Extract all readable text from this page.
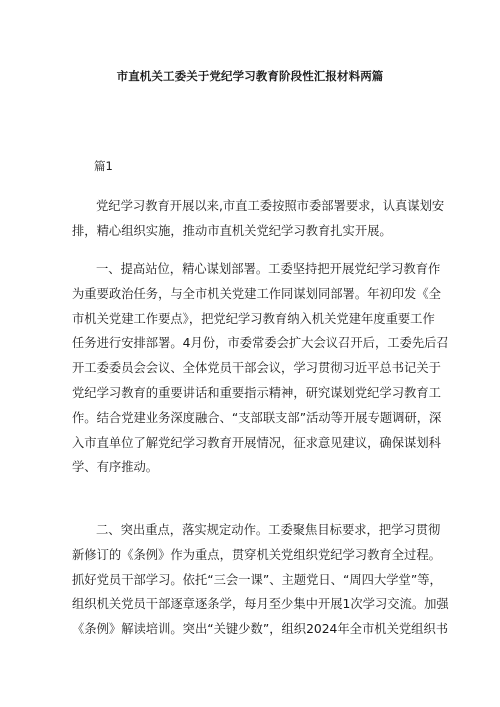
市直机关工委关于党纪学习教育阶段性汇报材料两篇
篇1
党纪学习教育开展以来,市直工委按照市委部署要求，认真谋划安
排，精心组织实施，推动市直机关党纪学习教育扎实开展。
一、提高站位，精心谋划部署。工委坚持把开展党纪学习教育作
为重要政治任务，与全市机关党建工作同谋划同部署。年初印发《全
市机关党建工作要点》，把党纪学习教育纳入机关党建年度重要工作
任务进行安排部署。4月份，市委常委会扩大会议召开后，工委先后召
开工委委员会会议、全体党员干部会议，学习贯彻习近平总书记关于
党纪学习教育的重要讲话和重要指示精神，研究谋划党纪学习教育工
作。结合党建业务深度融合、“支部联支部”活动等开展专题调研，深
入市直单位了解党纪学习教育开展情况，征求意见建议，确保谋划科
学、有序推动。
二、突出重点，落实规定动作。工委聚焦目标要求，把学习贯彻
新修订的《条例》作为重点，贯穿机关党组织党纪学习教育全过程。
抓好党员干部学习。依托“三会一课”、主题党日、“周四大学堂”等，
组织机关党员干部逐章逐条学，每月至少集中开展1次学习交流。加强
《条例》解读培训。突出“关键少数”，组织2024年全市机关党组织书
